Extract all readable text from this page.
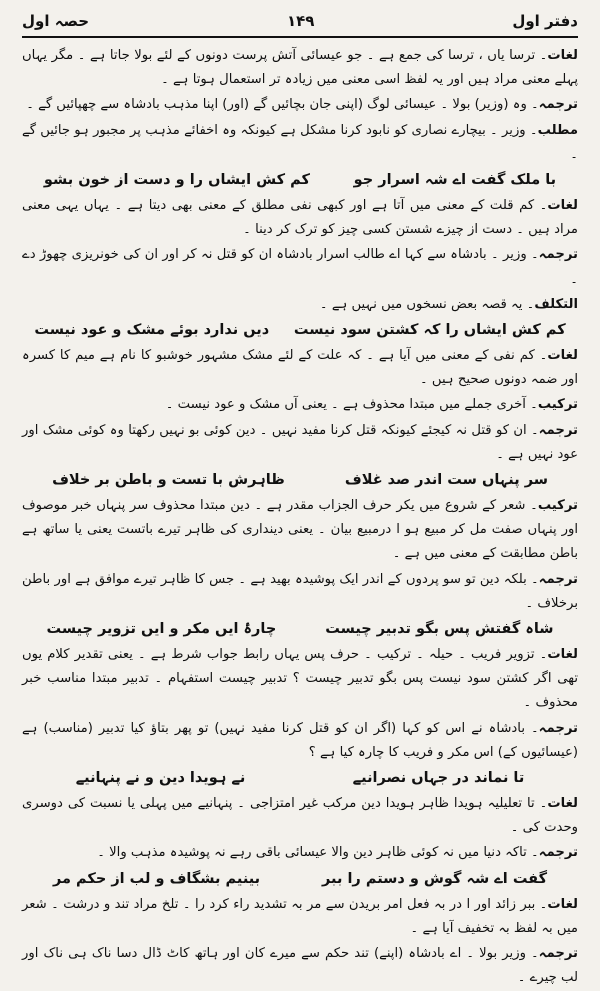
دفتر اول
۱۴۹
حصہ اول

لغات۔ ترسا یاں ، ترسا کی جمع ہے ۔ جو عیسائی آتش پرست دونوں کے لئے بولا جاتا ہے ۔ مگر یہاں پہلے معنی مراد ہیں اور یہ لفظ اسی معنی میں زیادہ تر استعمال ہوتا ہے ۔

ترجمہ۔ وہ (وزیر) بولا ۔ عیسائی لوگ (اپنی جان بچائیں گے (اور) اپنا مذہب بادشاہ سے چھپائیں گے ۔

مطلب۔ وزیر ۔ بیچارے نصاری کو نابود کرنا مشکل ہے کیونکہ وہ اخفائے مذہب پر مجبور ہو جائیں گے ۔

با ملک گفت اے شہ اسرار جو
کم کش ایشاں را و دست از خون بشو

لغات۔ کم قلت کے معنی میں آتا ہے اور کبھی نفی مطلق کے معنی بھی دیتا ہے ۔ یہاں یہی معنی مراد ہیں ۔ دست از چیزے شستن کسی چیز کو ترک کر دینا ۔

ترجمہ۔ وزیر ۔ بادشاہ سے کہا اے طالب اسرار بادشاہ ان کو قتل نہ کر اور ان کی خونریزی چھوڑ دے ۔

التکلف۔ یہ قصہ بعض نسخوں میں نہیں ہے ۔

کم کش ایشاں را کہ کشتن سود نیست
دیں ندارد بوئے مشک و عود نیست

لغات۔ کم نفی کے معنی میں آیا ہے ۔ کہ علت کے لئے مشک مشہور خوشبو کا نام ہے میم کا کسرہ اور ضمہ دونوں صحیح ہیں ۔

ترکیب۔ آخری جملے میں مبتدا محذوف ہے ۔ یعنی آں مشک و عود نیست ۔

ترجمہ۔ ان کو قتل نہ کیجئے کیونکہ قتل کرنا مفید نہیں ۔ دین کوئی بو نہیں رکھتا وہ کوئی مشک اور عود نہیں ہے ۔

سر پنہاں ست اندر صد غلاف
ظاہرش با تست و باطن بر خلاف

ترکیب۔ شعر کے شروع میں یکر حرف الجزاب مقدر ہے ۔ دین مبتدا محذوف سر پنہاں خبر موصوف اور پنہاں صفت مل کر مبیع ہو ا درمبیع بیان ۔ یعنی دینداری کی ظاہر تیرے باتست یعنی یا ساتھ ہے باطن مطابقت کے معنی میں ہے ۔

ترجمہ۔ بلکہ دین تو سو پردوں کے اندر ایک پوشیدہ بھید ہے ۔ جس کا ظاہر تیرے موافق ہے اور باطن برخلاف ۔

شاہ گفتش پس بگو تدبیر چیست
چارۂ ایں مکر و ایں تزویر چیست

لغات۔ تزویر فریب ۔ حیلہ ۔ ترکیب ۔ حرف پس یہاں رابط جواب شرط ہے ۔ یعنی تقدیر کلام یوں تھی اگر کشتن سود نیست پس بگو تدبیر چیست ؟ تدبیر چیست استفہام ۔ تدبیر مبتدا مناسب خبر محذوف ۔

ترجمہ۔ بادشاہ نے اس کو کہا (اگر ان کو قتل کرنا مفید نہیں) تو پھر بتاؤ کیا تدبیر (مناسب) ہے (عیسائیوں کے) اس مکر و فریب کا چارہ کیا ہے ؟

تا نماند در جہاں نصرانیے
نے ہویدا دین و نے پنہانیے

لغات۔ تا تعلیلیہ ہویدا ظاہر ہویدا دین مرکب غیر امتزاجی ۔ پنہانیے میں پہلی یا نسبت کی دوسری وحدت کی ۔

ترجمہ۔ تاکہ دنیا میں نہ کوئی ظاہر دین والا عیسائی باقی رہے نہ پوشیدہ مذہب والا ۔

گفت اے شہ گوش و دستم را ببر
بینیم بشگاف و لب از حکم مر

لغات۔ ببر زائد اور ا در بہ فعل امر بریدن سے مر بہ تشدید راء کرد را ۔ تلخ مراد تند و درشت ۔ شعر میں بہ لفظ بہ تخفیف آیا ہے ۔

ترجمہ۔ وزیر بولا ۔ اے بادشاہ (اپنے) تند حکم سے میرے کان اور ہاتھ کاٹ ڈال دسا ناک ہی ناک اور لب چیرے ۔
